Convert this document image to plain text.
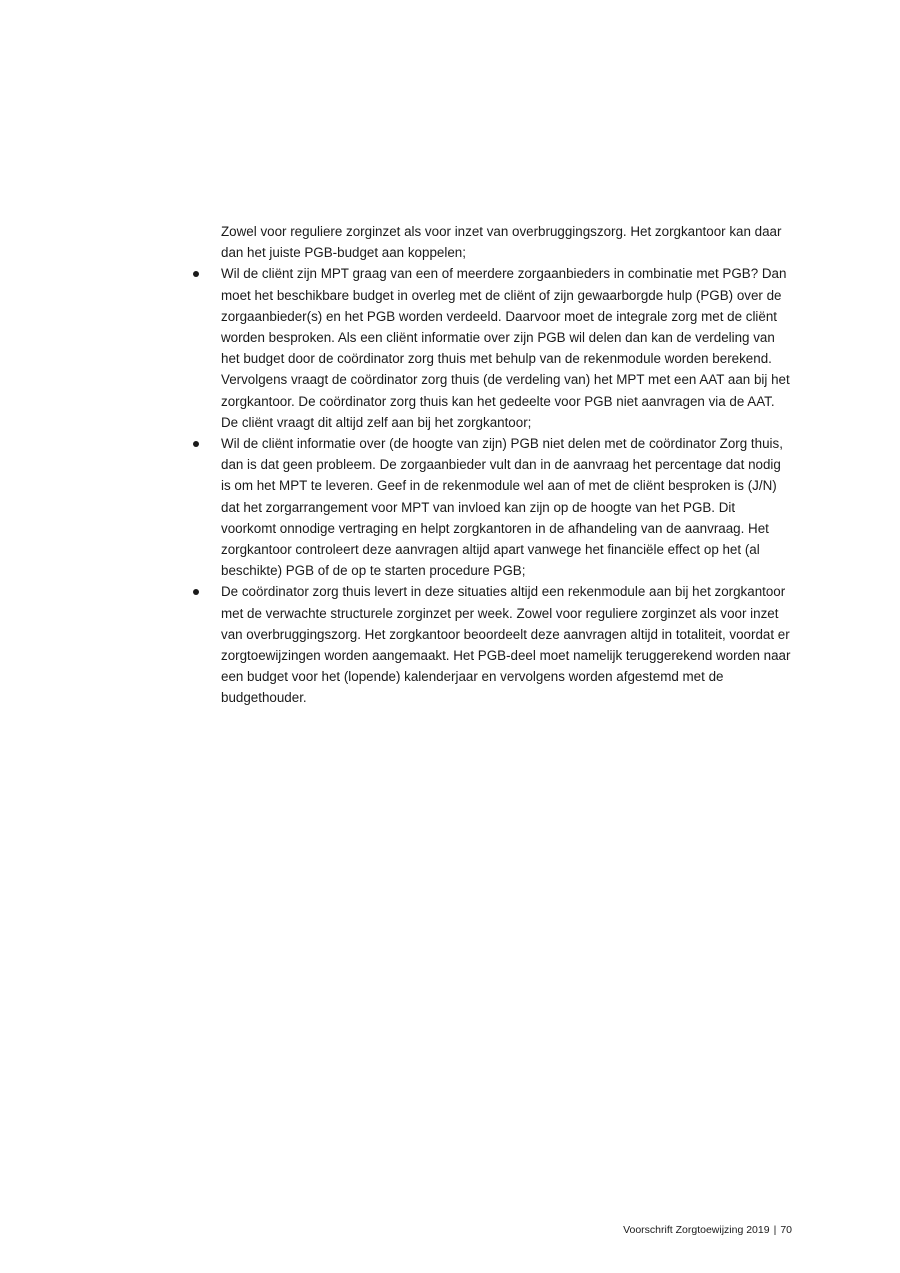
Zowel voor reguliere zorginzet als voor inzet van overbruggingszorg. Het zorgkantoor kan daar dan het juiste PGB-budget aan koppelen;

Wil de cliënt zijn MPT graag van een of meerdere zorgaanbieders in combinatie met PGB? Dan moet het beschikbare budget in overleg met de cliënt of zijn gewaarborgde hulp (PGB) over de zorgaanbieder(s) en het PGB worden verdeeld. Daarvoor moet de integrale zorg met de cliënt worden besproken. Als een cliënt informatie over zijn PGB wil delen dan kan de verdeling van het budget door de coördinator zorg thuis met behulp van de rekenmodule worden berekend. Vervolgens vraagt de coördinator zorg thuis (de verdeling van) het MPT met een AAT aan bij het zorgkantoor. De coördinator zorg thuis kan het gedeelte voor PGB niet aanvragen via de AAT. De cliënt vraagt dit altijd zelf aan bij het zorgkantoor;
Wil de cliënt informatie over (de hoogte van zijn) PGB niet delen met de coördinator Zorg thuis, dan is dat geen probleem. De zorgaanbieder vult dan in de aanvraag het percentage dat nodig is om het MPT te leveren. Geef in de rekenmodule wel aan of met de cliënt besproken is (J/N) dat het zorgarrangement voor MPT van invloed kan zijn op de hoogte van het PGB. Dit voorkomt onnodige vertraging en helpt zorgkantoren in de afhandeling van de aanvraag. Het zorgkantoor controleert deze aanvragen altijd apart vanwege het financiële effect op het (al beschikte) PGB of de op te starten procedure PGB;
De coördinator zorg thuis levert in deze situaties altijd een rekenmodule aan bij het zorgkantoor met de verwachte structurele zorginzet per week. Zowel voor reguliere zorginzet als voor inzet van overbruggingszorg. Het zorgkantoor beoordeelt deze aanvragen altijd in totaliteit, voordat er zorgtoewijzingen worden aangemaakt. Het PGB-deel moet namelijk teruggerekend worden naar een budget voor het (lopende) kalenderjaar en vervolgens worden afgestemd met de budgethouder.
Voorschrift Zorgtoewijzing 2019 | 70
